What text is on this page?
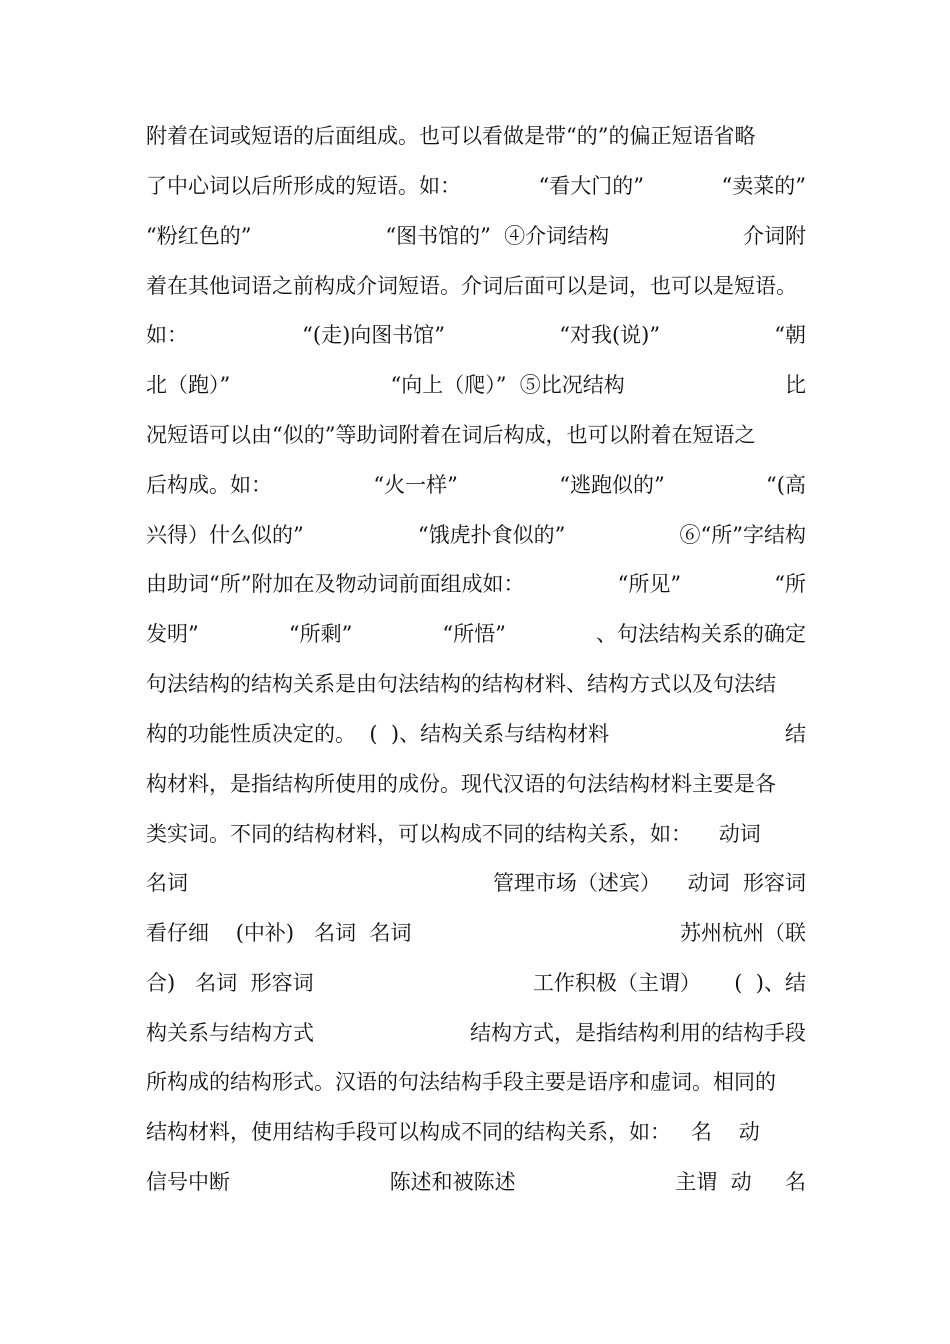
附着在词或短语的后面组成。也可以看做是带“的”的偏正短语省略
了中心词以后所形成的短语。如：	“看大门的”	“卖菜的”
“粉红色的”	“图书馆的”  ④介词结构	介词附
着在其他词语之前构成介词短语。介词后面可以是词，也可以是短语。
如：	“(走)向图书馆”	“对我(说)”	“朝
北（跑）”	“向上（爬）”  ⑤比况结构	比
况短语可以由“似的”等助词附着在词后构成，也可以附着在短语之
后构成。如：	“火一样”	“逃跑似的”	“(高
兴得）什么似的”	“饿虎扑食似的”	⑥“所”字结构
由助词“所”附加在及物动词前面组成如：	“所见”	“所
发明”	“所剩”	“所悟”	、句法结构关系的确定
句法结构的结构关系是由句法结构的结构材料、结构方式以及句法结
构的功能性质决定的。  (  )、结构关系与结构材料	结
构材料，是指结构所使用的成份。现代汉语的句法结构材料主要是各
类实词。不同的结构材料，可以构成不同的结构关系，如：    动词
名词	管理市场（述宾）    动词  形容词
看仔细    (中补)   名词  名词	苏州杭州（联
合)   名词  形容词	工作积极（主谓）     (  )、结
构关系与结构方式	结构方式，是指结构利用的结构手段
所构成的结构形式。汉语的句法结构手段主要是语序和虚词。相同的
结构材料，使用结构手段可以构成不同的结构关系，如：   名    动
信号中断	陈述和被陈述	主谓  动     名
